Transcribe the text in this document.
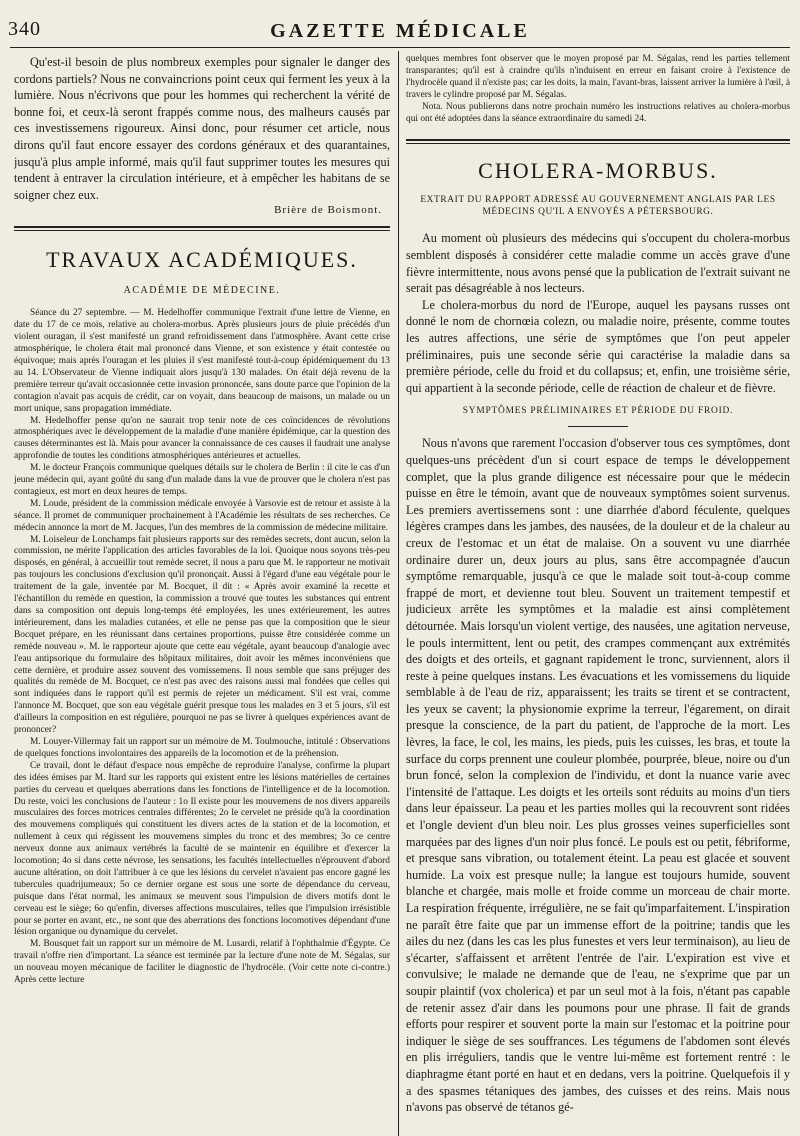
340	GAZETTE MÉDICALE

Qu'est-il besoin de plus nombreux exemples pour signaler le danger des cordons partiels? Nous ne convaincrions point ceux qui ferment les yeux à la lumière. Nous n'écrivons que pour les hommes qui recherchent la vérité de bonne foi, et ceux-là seront frappés comme nous, des malheurs causés par ces investissemens rigoureux. Ainsi donc, pour résumer cet article, nous dirons qu'il faut encore essayer des cordons généraux et des quarantaines, jusqu'à plus ample informé, mais qu'il faut supprimer toutes les mesures qui tendent à entraver la circulation intérieure, et à empêcher les habitans de se soigner chez eux.

Brière de Boismont.
TRAVAUX ACADÉMIQUES.
ACADÉMIE DE MÉDECINE.

Séance du 27 septembre. — M. Hedelhoffer communique l'extrait d'une lettre de Vienne, en date du 17 de ce mois, relative au cholera-morbus. Après plusieurs jours de pluie précédés d'un violent ouragan, il s'est manifesté un grand refroidissement dans l'atmosphère. Avant cette crise atmosphérique, le cholera était mal prononcé dans Vienne, et son existence y était contestée ou équivoque; mais après l'ouragan et les pluies il s'est manifesté tout-à-coup épidémiquement du 13 au 14. L'Observateur de Vienne indiquait alors jusqu'à 130 malades. On était déjà revenu de la première terreur qu'avait occasionnée cette invasion prononcée, sans doute parce que l'opinion de la contagion n'avait pas acquis de crédit, car on voyait, dans beaucoup de maisons, un malade ou un mort unique, sans propagation immédiate.

M. Hedelhoffer pense qu'on ne saurait trop tenir note de ces coïncidences de révolutions atmosphériques avec le développement de la maladie d'une manière épidémique, car la question des causes déterminantes est là. Mais pour avancer la connaissance de ces causes il faudrait une analyse approfondie de toutes les conditions atmosphériques antérieures et actuelles.

M. le docteur François communique quelques détails sur le cholera de Berlin : il cite le cas d'un jeune médecin qui, ayant goûté du sang d'un malade dans la vue de prouver que le cholera n'est pas contagieux, est mort en deux heures de temps.

M. Loude, président de la commission médicale envoyée à Varsovie est de retour et assiste à la séance. Il promet de communiquer prochainement à l'Académie les résultats de ses recherches. Ce médecin annonce la mort de M. Jacques, l'un des membres de la commission de médecine militaire.

M. Loiseleur de Lonchamps fait plusieurs rapports sur des remèdes secrets, dont aucun, selon la commission, ne mérite l'application des articles favorables de la loi. Quoique nous soyons très-peu disposés, en général, à accueillir tout remède secret, il nous a paru que M. le rapporteur ne motivait pas toujours les conclusions d'exclusion qu'il prononçait. Aussi à l'égard d'une eau végétale pour le traitement de la gale, inventée par M. Bocquet, il dit : « Après avoir examiné la recette et l'échantillon du remède en question, la commission a trouvé que toutes les substances qui entrent dans sa composition ont depuis long-temps été employées, les unes extérieurement, les autres intérieurement, dans les maladies cutanées, et elle ne pense pas que la composition que le sieur Bocquet prépare, en les réunissant dans certaines proportions, puisse être considérée comme un remède nouveau ». M. le rapporteur ajoute que cette eau végétale, ayant beaucoup d'analogie avec l'eau antipsorique du formulaire des hôpitaux militaires, doit avoir les mêmes inconvéniens que cette dernière, et produire assez souvent des vomissemens. Il nous semble que sans préjuger des qualités du remède de M. Bocquet, ce n'est pas avec des raisons aussi mal fondées que celles qui sont indiquées dans le rapport qu'il est permis de rejeter un médicament. S'il est vrai, comme l'annonce M. Bocquet, que son eau végétale guérit presque tous les malades en 3 et 5 jours, s'il est d'ailleurs la composition en est régulière, pourquoi ne pas se livrer à quelques expériences avant de prononcer?

M. Louyer-Villermay fait un rapport sur un mémoire de M. Toulmouche, intitulé : Observations de quelques fonctions involontaires des appareils de la locomotion et de la préhension.

Ce travail, dont le défaut d'espace nous empêche de reproduire l'analyse, confirme la plupart des idées émises par M. Itard sur les rapports qui existent entre les lésions matérielles de certaines parties du cerveau et quelques aberrations dans les fonctions de l'intelligence et de la locomotion. Du reste, voici les conclusions de l'auteur : 1o Il existe pour les mouvemens de nos divers appareils musculaires des forces motrices centrales différentes; 2o le cervelet ne préside qu'à la coordination des mouvemens compliqués qui constituent les divers actes de la station et de la locomotion, et nullement à ceux qui régissent les mouvemens simples du tronc et des membres; 3o ce centre nerveux donne aux animaux vertébrés la faculté de se maintenir en équilibre et d'exercer la locomotion; 4o si dans cette névrose, les sensations, les facultés intellectuelles n'éprouvent d'abord aucune altération, on doit l'attribuer à ce que les lésions du cervelet n'avaient pas encore gagné les tubercules quadrijumeaux; 5o ce dernier organe est sous une sorte de dépendance du cerveau, puisque dans l'état normal, les animaux se meuvent sous l'impulsion de divers motifs dont le cerveau est le siège; 6o qu'enfin, diverses affections musculaires, telles que l'impulsion irrésistible pour se porter en avant, etc., ne sont que des aberrations des fonctions locomotives dépendant d'une lésion organique ou dynamique du cervelet.

M. Bousquet fait un rapport sur un mémoire de M. Lusardi, relatif à l'ophthalmie d'Égypte. Ce travail n'offre rien d'important. La séance est terminée par la lecture d'une note de M. Ségalas, sur un nouveau moyen mécanique de faciliter le diagnostic de l'hydrocèle. (Voir cette note ci-contre.) Après cette lecture

quelques membres font observer que le moyen proposé par M. Ségalas, rend les parties tellement transparantes; qu'il est à craindre qu'ils n'induisent en erreur en faisant croire à l'existence de l'hydrocèle quand il n'existe pas; car les doits, la main, l'avant-bras, laissent arriver la lumière à l'œil, à travers le cylindre proposé par M. Ségalas.

Nota. Nous publierons dans notre prochain numéro les instructions relatives au cholera-morbus qui ont été adoptées dans la séance extraordinaire du samedi 24.

CHOLERA-MORBUS.
EXTRAIT DU RAPPORT ADRESSÉ AU GOUVERNEMENT ANGLAIS PAR LES MÉDECINS QU'IL A ENVOYÉS A PÉTERSBOURG.

Au moment où plusieurs des médecins qui s'occupent du cholera-morbus semblent disposés à considérer cette maladie comme un accès grave d'une fièvre intermittente, nous avons pensé que la publication de l'extrait suivant ne serait pas désagréable à nos lecteurs.

Le cholera-morbus du nord de l'Europe, auquel les paysans russes ont donné le nom de chornœia colezn, ou maladie noire, présente, comme toutes les autres affections, une série de symptômes que l'on peut appeler préliminaires, puis une seconde série qui caractérise la maladie dans sa première période, celle du froid et du collapsus; et, enfin, une troisième série, qui appartient à la seconde période, celle de réaction de chaleur et de fièvre.

SYMPTÔMES PRÉLIMINAIRES ET PÉRIODE DU FROID.

Nous n'avons que rarement l'occasion d'observer tous ces symptômes, dont quelques-uns précèdent d'un si court espace de temps le développement complet, que la plus grande diligence est nécessaire pour que le médecin puisse en être le témoin, avant que de nouveaux symptômes soient survenus. Les premiers avertissemens sont : une diarrhée d'abord féculente, quelques légères crampes dans les jambes, des nausées, de la douleur et de la chaleur au creux de l'estomac et un état de malaise. On a souvent vu une diarrhée ordinaire durer un, deux jours au plus, sans être accompagnée d'aucun symptôme remarquable, jusqu'à ce que le malade soit tout-à-coup comme frappé de mort, et devienne tout bleu. Souvent un traitement tempestif et judicieux arrête les symptômes et la maladie est ainsi complètement détournée. Mais lorsqu'un violent vertige, des nausées, une agitation nerveuse, le pouls intermittent, lent ou petit, des crampes commençant aux extrémités des doigts et des orteils, et gagnant rapidement le tronc, surviennent, alors il reste à peine quelques instans. Les évacuations et les vomissemens du liquide semblable à de l'eau de riz, apparaissent; les traits se tirent et se contractent, les yeux se cavent; la physionomie exprime la terreur, l'égarement, on dirait presque la conscience, de la part du patient, de l'approche de la mort. Les lèvres, la face, le col, les mains, les pieds, puis les cuisses, les bras, et toute la surface du corps prennent une couleur plombée, pourprée, bleue, noire ou d'un brun foncé, selon la complexion de l'individu, et dont la nuance varie avec l'intensité de l'attaque. Les doigts et les orteils sont réduits au moins d'un tiers dans leur épaisseur. La peau et les parties molles qui la recouvrent sont ridées et l'ongle devient d'un bleu noir. Les plus grosses veines superficielles sont marquées par des lignes d'un noir plus foncé. Le pouls est ou petit, fébriforme, et presque sans vibration, ou totalement éteint. La peau est glacée et souvent humide. La voix est presque nulle; la langue est toujours humide, souvent blanche et chargée, mais molle et froide comme un morceau de chair morte. La respiration fréquente, irrégulière, ne se fait qu'imparfaitement. L'inspiration ne paraît être faite que par un immense effort de la poitrine; tandis que les ailes du nez (dans les cas les plus funestes et vers leur terminaison), au lieu de s'écarter, s'affaissent et arrêtent l'entrée de l'air. L'expiration est vive et convulsive; le malade ne demande que de l'eau, ne s'exprime que par un soupir plaintif (vox cholerica) et par un seul mot à la fois, n'étant pas capable de retenir assez d'air dans les poumons pour une phrase. Il fait de grands efforts pour respirer et souvent porte la main sur l'estomac et la poitrine pour indiquer le siège de ses souffrances. Les tégumens de l'abdomen sont élevés en plis irréguliers, tandis que le ventre lui-même est fortement rentré : le diaphragme étant porté en haut et en dedans, vers la poitrine. Quelquefois il y a des spasmes tétaniques des jambes, des cuisses et des reins. Mais nous n'avons pas observé de tétanos gé-
